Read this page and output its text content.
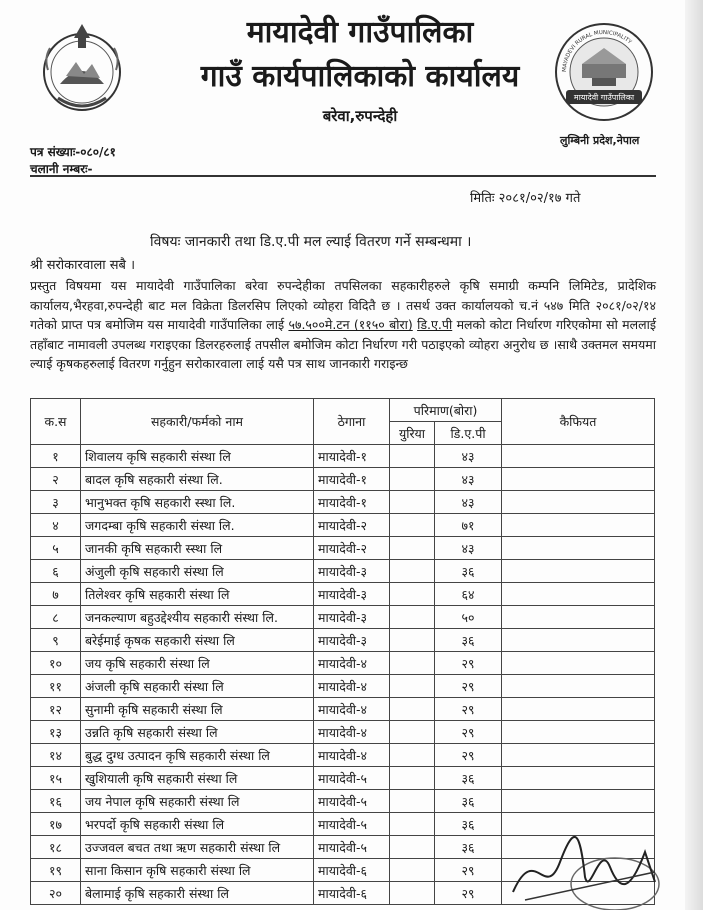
मायादेवी गाउँपालिका
गाउँ कार्यपालिकाको कार्यालय
बरेवा,रुपन्देही
MAYADEVI RURAL MUNICIPALITY
मायादेवी गाउँपालिका
लुम्बिनी प्रदेश,नेपाल
पत्र संख्याः-०८०/८१
चलानी नम्बरः-
मितिः २०८१/०२/१७ गते
विषयः जानकारी तथा डि.ए.पी मल ल्याई वितरण गर्ने सम्बन्धमा ।
श्री सरोकारवाला सबै ।
प्रस्तुत विषयमा यस मायादेवी गाउँपालिका बरेवा रुपन्देहीका तपसिलका सहकारीहरुले कृषि समाग्री कम्पनि लिमिटेड, प्रादेशिक कार्यालय,भैरहवा,रुपन्देही बाट मल विक्रेता डिलरसिप लिएको व्योहरा विदितै छ । तसर्थ उक्त कार्यालयको च.नं ५४७ मिति २०८१/०२/१४ गतेको प्राप्त पत्र बमोजिम यस मायादेवी गाउँपालिका लाई ५७.५००मे.टन (११५० बोरा) डि.ए.पी मलको कोटा निर्धारण गरिएकोमा सो मललाई तहाँबाट नामावली उपलब्ध गराइएका डिलरहरुलाई तपसील बमोजिम कोटा निर्धारण गरी पठाइएको व्योहरा अनुरोध छ ।साथै उक्तमल समयमा ल्याई कृषकहरुलाई वितरण गर्नुहुन सरोकारवाला लाई यसै पत्र साथ जानकारी गराइन्छ
क.स	सहकारी/फर्मको नाम	ठेगाना	परिमाण(बोरा)		कैफियत
			युरिया	डि.ए.पी	
१	शिवालय कृषि सहकारी संस्था लि	मायादेवी-१		४३	
२	बादल कृषि सहकारी संस्था लि.	मायादेवी-१		४३	
३	भानुभक्त कृषि सहकारी स्स्था लि.	मायादेवी-१		४३	
४	जगदम्बा कृषि सहकारी संस्था लि.	मायादेवी-२		७१	
५	जानकी कृषि सहकारी स्स्था लि	मायादेवी-२		४३	
६	अंजुली कृषि सहकारी संस्था लि	मायादेवी-३		३६	
७	तिलेश्वर कृषि सहकारी संस्था लि	मायादेवी-३		६४	
८	जनकल्याण बहुउद्देश्यीय सहकारी संस्था लि.	मायादेवी-३		५०	
९	बरेईमाई कृषक सहकारी संस्था लि	मायादेवी-३		३६	
१०	जय कृषि सहकारी संस्था लि	मायादेवी-४		२९	
११	अंजली कृषि सहकारी संस्था लि	मायादेवी-४		२९	
१२	सुनामी कृषि सहकारी संस्था लि	मायादेवी-४		२९	
१३	उन्नति कृषि सहकारी संस्था लि	मायादेवी-४		२९	
१४	बुद्ध दुग्ध उत्पादन कृषि सहकारी संस्था लि	मायादेवी-४		२९	
१५	खुशियाली कृषि सहकारी संस्था लि	मायादेवी-५		३६	
१६	जय नेपाल कृषि सहकारी संस्था लि	मायादेवी-५		३६	
१७	भरपर्दो कृषि सहकारी संस्था लि	मायादेवी-५		३६	
१८	उज्जवल बचत तथा ऋण सहकारी संस्था लि	मायादेवी-५		३६	
१९	साना किसान कृषि सहकारी संस्था लि	मायादेवी-६		२९	
२०	बेलामाई कृषि सहकारी संस्था लि	मायादेवी-६		२९	
